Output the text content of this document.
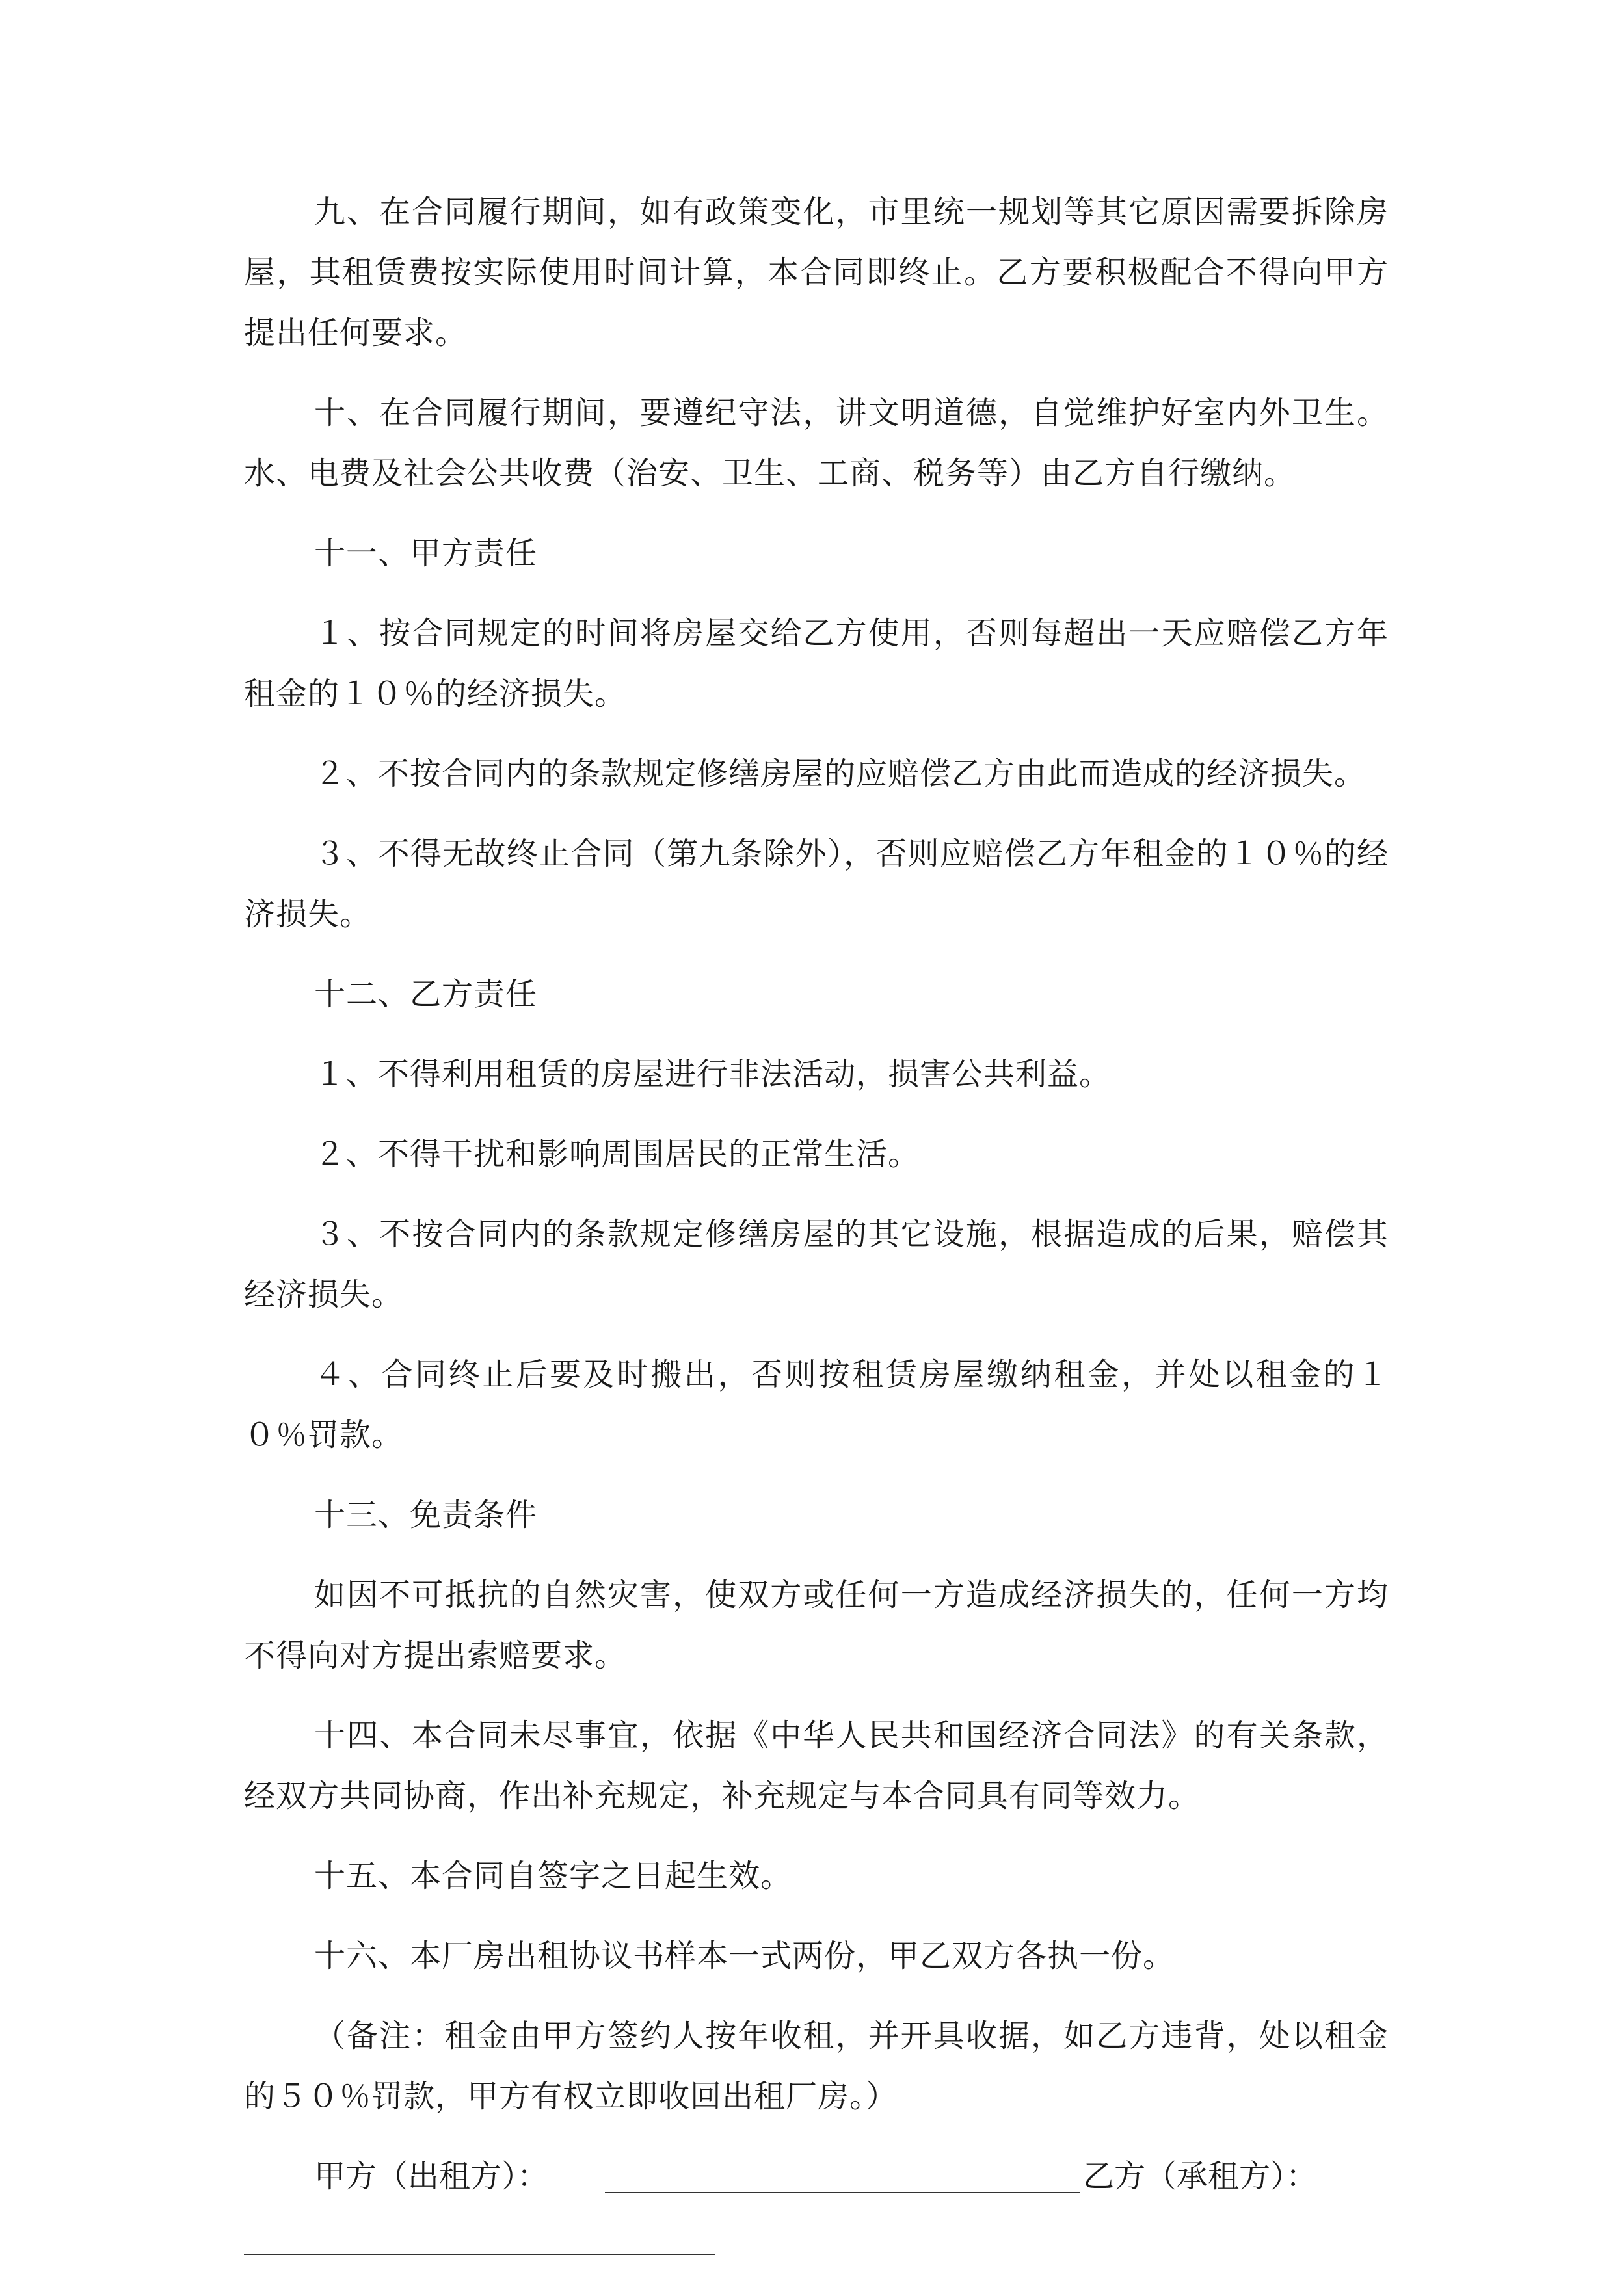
九、在合同履行期间，如有政策变化，市里统一规划等其它原因需要拆除房屋，其租赁费按实际使用时间计算，本合同即终止。乙方要积极配合不得向甲方提出任何要求。

十、在合同履行期间，要遵纪守法，讲文明道德，自觉维护好室内外卫生。水、电费及社会公共收费（治安、卫生、工商、税务等）由乙方自行缴纳。

十一、甲方责任

１、按合同规定的时间将房屋交给乙方使用，否则每超出一天应赔偿乙方年租金的１０％的经济损失。

２、不按合同内的条款规定修缮房屋的应赔偿乙方由此而造成的经济损失。

３、不得无故终止合同（第九条除外），否则应赔偿乙方年租金的１０％的经济损失。

十二、乙方责任

１、不得利用租赁的房屋进行非法活动，损害公共利益。

２、不得干扰和影响周围居民的正常生活。

３、不按合同内的条款规定修缮房屋的其它设施，根据造成的后果，赔偿其经济损失。

４、合同终止后要及时搬出，否则按租赁房屋缴纳租金，并处以租金的１０％罚款。

十三、免责条件

如因不可抵抗的自然灾害，使双方或任何一方造成经济损失的，任何一方均不得向对方提出索赔要求。

十四、本合同未尽事宜，依据《中华人民共和国经济合同法》的有关条款，经双方共同协商，作出补充规定，补充规定与本合同具有同等效力。

十五、本合同自签字之日起生效。

十六、本厂房出租协议书样本一式两份，甲乙双方各执一份。

（备注：租金由甲方签约人按年收租，并开具收据，如乙方违背，处以租金的５０％罚款，甲方有权立即收回出租厂房。）

甲方（出租方）：	乙方（承租方）：
